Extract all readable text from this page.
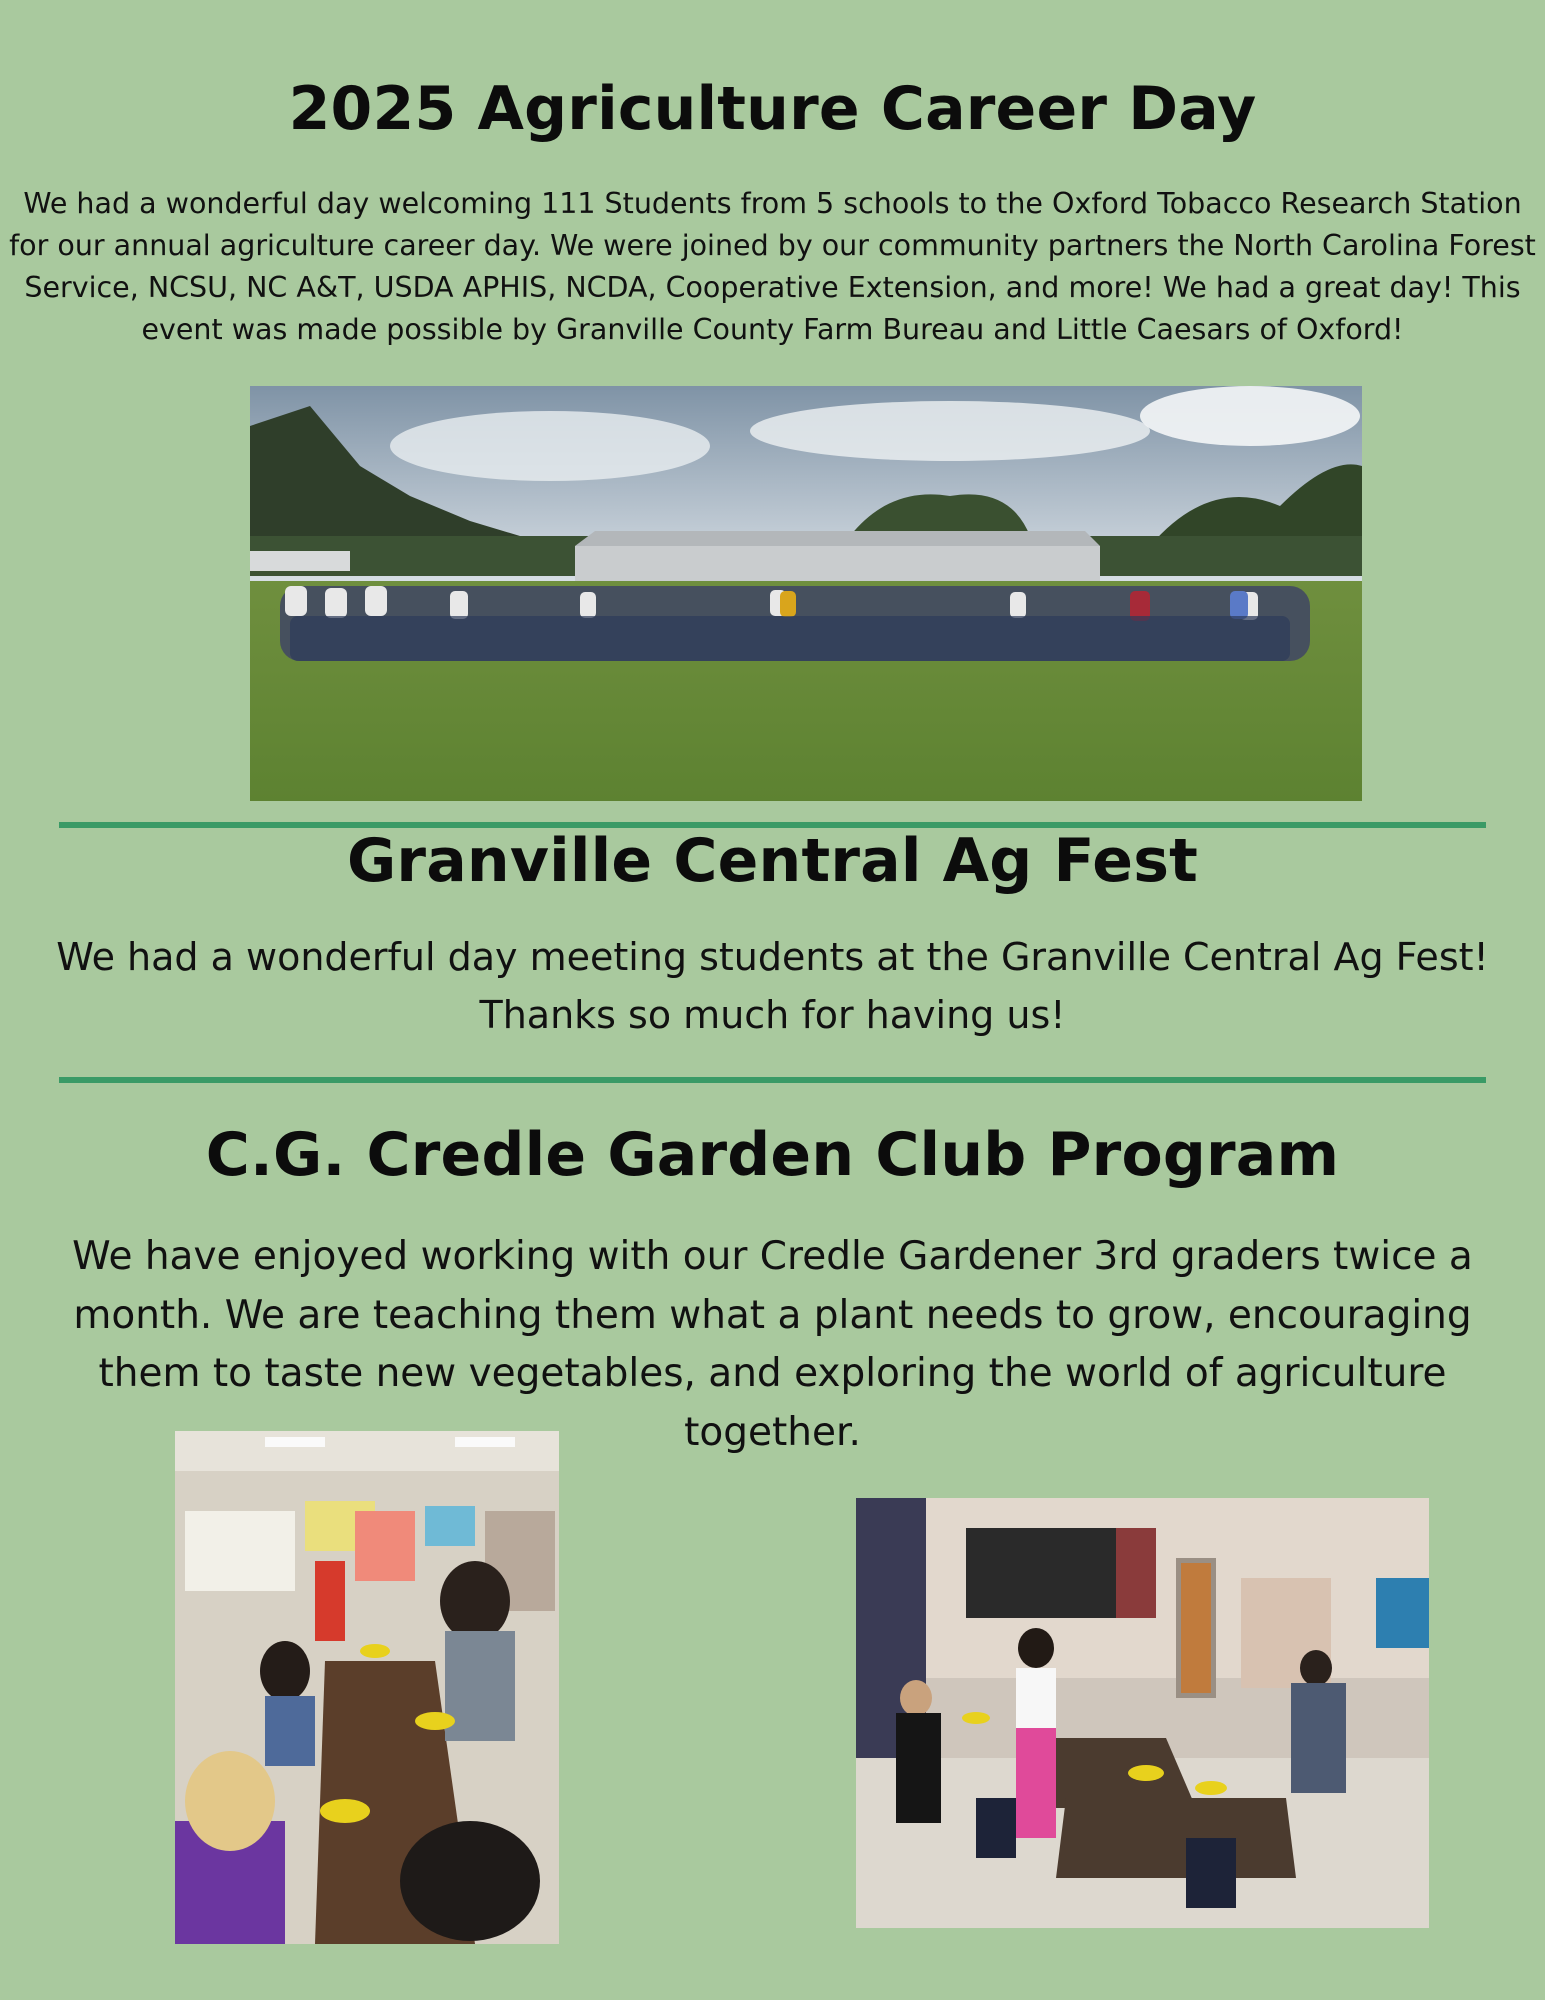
2025 Agriculture Career Day

We had a wonderful day welcoming 111 Students from 5 schools to the Oxford Tobacco Research Station for our annual agriculture career day. We were joined by our community partners the North Carolina Forest Service, NCSU, NC A&T, USDA APHIS, NCDA, Cooperative Extension, and more! We had a great day! This event was made possible by Granville County Farm Bureau and Little Caesars of Oxford!

Granville Central Ag Fest

We had a wonderful day meeting students at the Granville Central Ag Fest! Thanks so much for having us!

C.G. Credle Garden Club Program

We have enjoyed working with our Credle Gardener 3rd graders twice a month. We are teaching them what a plant needs to grow, encouraging them to taste new vegetables, and exploring the world of agriculture together.
